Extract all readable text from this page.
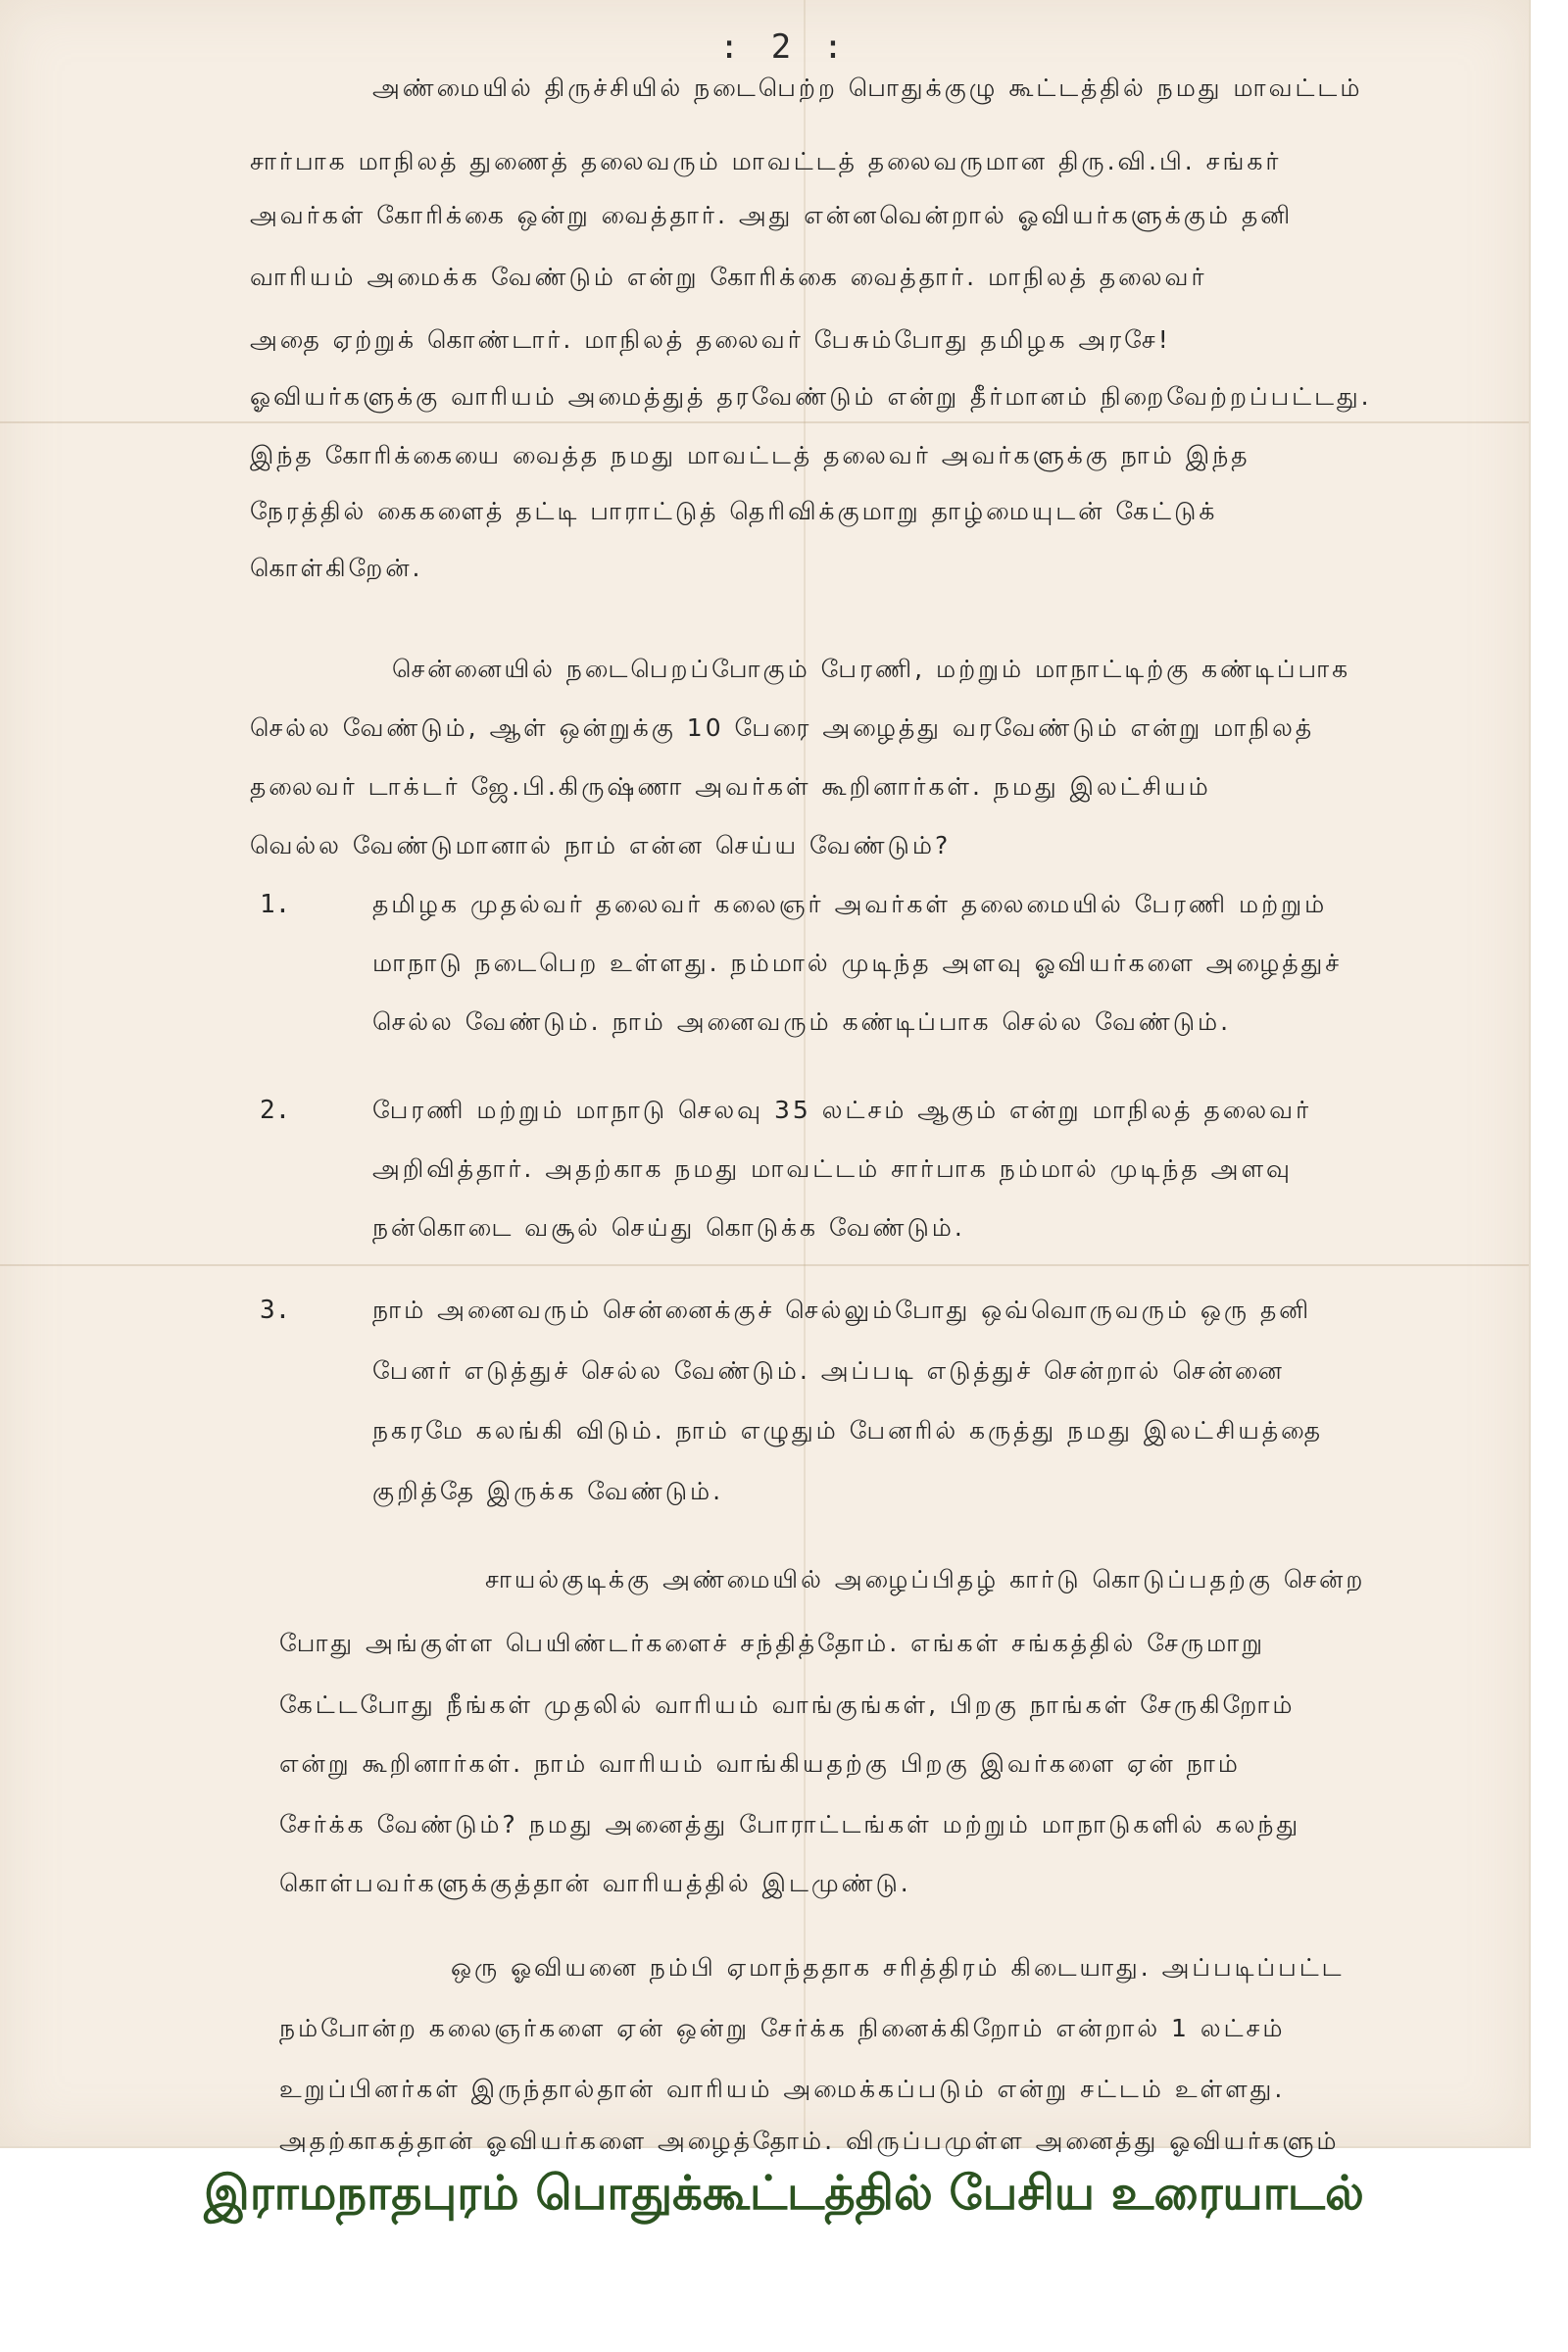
: 2 :

அண்மையில் திருச்சியில் நடைபெற்ற பொதுக்குழு கூட்டத்தில் நமது மாவட்டம்

சார்பாக மாநிலத் துணைத் தலைவரும் மாவட்டத் தலைவருமான திரு.வி.பி. சங்கர்

அவர்கள் கோரிக்கை ஒன்று வைத்தார். அது என்னவென்றால் ஓவியர்களுக்கும் தனி

வாரியம் அமைக்க வேண்டும் என்று கோரிக்கை வைத்தார். மாநிலத் தலைவர்

அதை ஏற்றுக் கொண்டார். மாநிலத் தலைவர் பேசும்போது தமிழக அரசே!

ஓவியர்களுக்கு வாரியம் அமைத்துத் தரவேண்டும் என்று தீர்மானம் நிறைவேற்றப்பட்டது.

இந்த கோரிக்கையை வைத்த நமது மாவட்டத் தலைவர் அவர்களுக்கு நாம் இந்த

நேரத்தில் கைகளைத் தட்டி பாராட்டுத் தெரிவிக்குமாறு தாழ்மையுடன் கேட்டுக்

கொள்கிறேன்.

சென்னையில் நடைபெறப்போகும் பேரணி, மற்றும் மாநாட்டிற்கு கண்டிப்பாக

செல்ல வேண்டும், ஆள் ஒன்றுக்கு 10 பேரை அழைத்து வரவேண்டும் என்று மாநிலத்

தலைவர் டாக்டர் ஜே.பி.கிருஷ்ணா அவர்கள் கூறினார்கள். நமது இலட்சியம்

வெல்ல வேண்டுமானால் நாம் என்ன செய்ய வேண்டும்?

1.	தமிழக முதல்வர் தலைவர் கலைஞர் அவர்கள் தலைமையில் பேரணி மற்றும்

மாநாடு நடைபெற உள்ளது. நம்மால் முடிந்த அளவு ஓவியர்களை அழைத்துச்

செல்ல வேண்டும். நாம் அனைவரும் கண்டிப்பாக செல்ல வேண்டும்.

2.	பேரணி மற்றும் மாநாடு செலவு 35 லட்சம் ஆகும் என்று மாநிலத் தலைவர்

அறிவித்தார். அதற்காக நமது மாவட்டம் சார்பாக நம்மால் முடிந்த அளவு

நன்கொடை வசூல் செய்து கொடுக்க வேண்டும்.

3.	நாம் அனைவரும் சென்னைக்குச் செல்லும்போது ஒவ்வொருவரும் ஒரு தனி

பேனர் எடுத்துச் செல்ல வேண்டும். அப்படி எடுத்துச் சென்றால் சென்னை

நகரமே கலங்கி விடும். நாம் எழுதும் பேனரில் கருத்து நமது இலட்சியத்தை

குறித்தே இருக்க வேண்டும்.

சாயல்குடிக்கு அண்மையில் அழைப்பிதழ் கார்டு கொடுப்பதற்கு சென்ற

போது அங்குள்ள பெயிண்டர்களைச் சந்தித்தோம். எங்கள் சங்கத்தில் சேருமாறு

கேட்டபோது நீங்கள் முதலில் வாரியம் வாங்குங்கள், பிறகு நாங்கள் சேருகிறோம்

என்று கூறினார்கள். நாம் வாரியம் வாங்கியதற்கு பிறகு இவர்களை ஏன் நாம்

சேர்க்க வேண்டும்? நமது அனைத்து போராட்டங்கள் மற்றும் மாநாடுகளில் கலந்து

கொள்பவர்களுக்குத்தான் வாரியத்தில் இடமுண்டு.

ஒரு ஓவியனை நம்பி ஏமாந்ததாக சரித்திரம் கிடையாது. அப்படிப்பட்ட

நம்போன்ற கலைஞர்களை ஏன் ஒன்று சேர்க்க நினைக்கிறோம் என்றால் 1 லட்சம்

உறுப்பினர்கள் இருந்தால்தான் வாரியம் அமைக்கப்படும் என்று சட்டம் உள்ளது.

அதற்காகத்தான் ஓவியர்களை அழைத்தோம். விருப்பமுள்ள அனைத்து ஓவியர்களும்

இராமநாதபுரம் பொதுக்கூட்டத்தில் பேசிய உரையாடல்
